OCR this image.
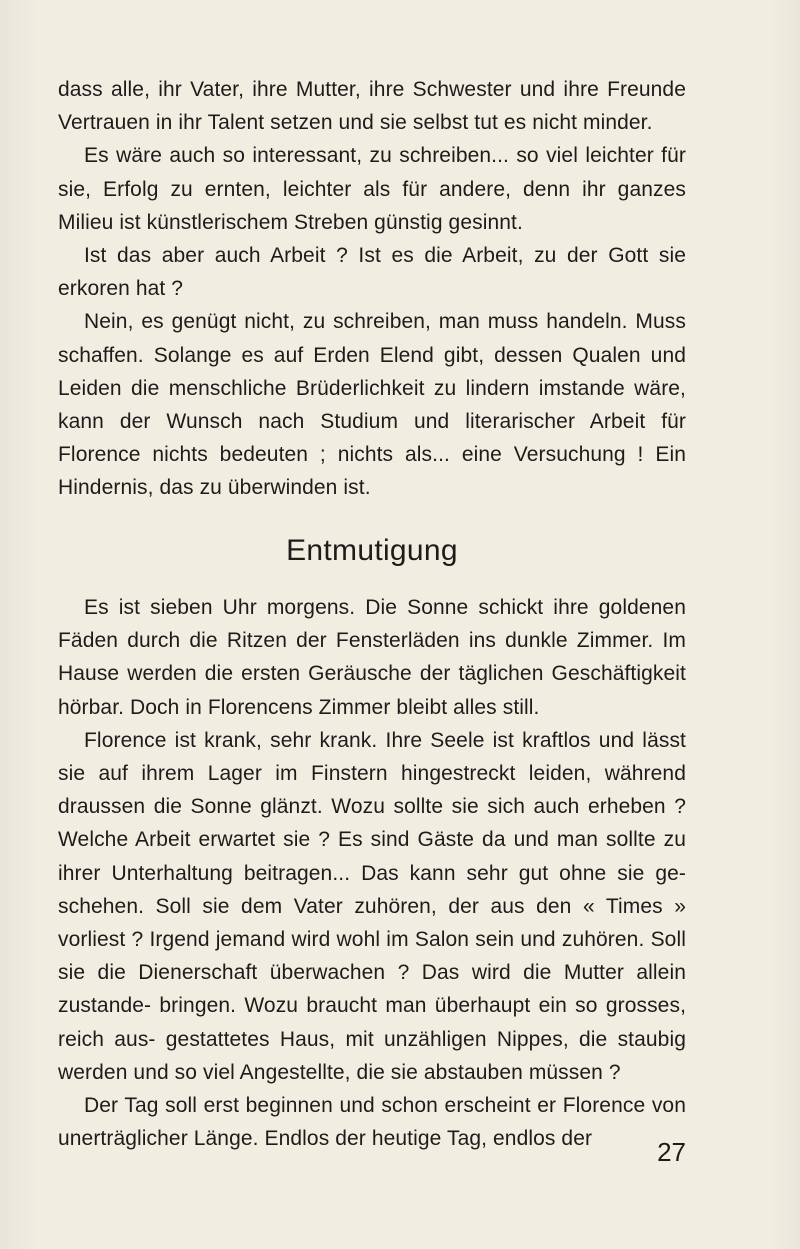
dass alle, ihr Vater, ihre Mutter, ihre Schwester und ihre Freunde Vertrauen in ihr Talent setzen und sie selbst tut es nicht minder.

Es wäre auch so interessant, zu schreiben... so viel leichter für sie, Erfolg zu ernten, leichter als für andere, denn ihr ganzes Milieu ist künstlerischem Streben günstig gesinnt.

Ist das aber auch Arbeit ? Ist es die Arbeit, zu der Gott sie erkoren hat ?

Nein, es genügt nicht, zu schreiben, man muss handeln. Muss schaffen. Solange es auf Erden Elend gibt, dessen Qualen und Leiden die menschliche Brüderlichkeit zu lindern imstande wäre, kann der Wunsch nach Studium und literarischer Arbeit für Florence nichts bedeuten ; nichts als... eine Versuchung ! Ein Hindernis, das zu überwinden ist.

Entmutigung

Es ist sieben Uhr morgens. Die Sonne schickt ihre goldenen Fäden durch die Ritzen der Fensterläden ins dunkle Zimmer. Im Hause werden die ersten Geräusche der täglichen Geschäftigkeit hörbar. Doch in Florencens Zimmer bleibt alles still.

Florence ist krank, sehr krank. Ihre Seele ist kraftlos und lässt sie auf ihrem Lager im Finstern hingestreckt leiden, während draussen die Sonne glänzt. Wozu sollte sie sich auch erheben ? Welche Arbeit erwartet sie ? Es sind Gäste da und man sollte zu ihrer Unterhaltung beitragen... Das kann sehr gut ohne sie ge- schehen. Soll sie dem Vater zuhören, der aus den « Times » vorliest ? Irgend jemand wird wohl im Salon sein und zuhören. Soll sie die Dienerschaft überwachen ? Das wird die Mutter allein zustande- bringen. Wozu braucht man überhaupt ein so grosses, reich aus- gestattetes Haus, mit unzähligen Nippes, die staubig werden und so viel Angestellte, die sie abstauben müssen ?

Der Tag soll erst beginnen und schon erscheint er Florence von unerträglicher Länge. Endlos der heutige Tag, endlos der	27
